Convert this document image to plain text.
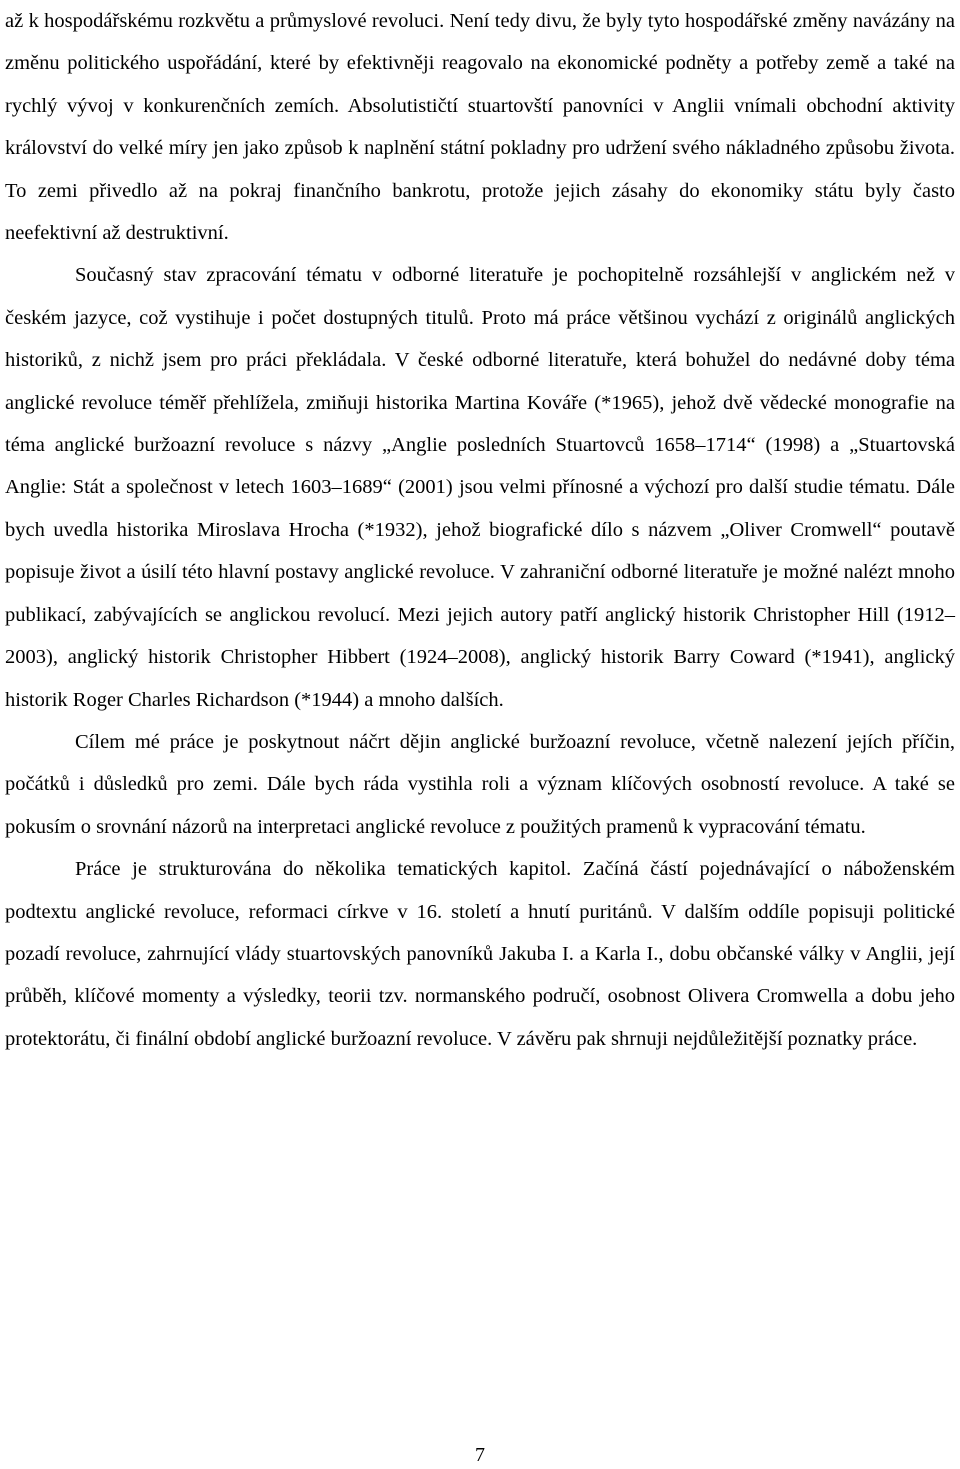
až k hospodářskému rozkvětu a průmyslové revoluci. Není tedy divu, že byly tyto hospodářské změny navázány na změnu politického uspořádání, které by efektivněji reagovalo na ekonomické podněty a potřeby země a také na rychlý vývoj v konkurenčních zemích. Absolutističtí stuartovští panovníci v Anglii vnímali obchodní aktivity království do velké míry jen jako způsob k naplnění státní pokladny pro udržení svého nákladného způsobu života. To zemi přivedlo až na pokraj finančního bankrotu, protože jejich zásahy do ekonomiky státu byly často neefektivní až destruktivní.

Současný stav zpracování tématu v odborné literatuře je pochopitelně rozsáhlejší v anglickém než v českém jazyce, což vystihuje i počet dostupných titulů. Proto má práce většinou vychází z originálů anglických historiků, z nichž jsem pro práci překládala. V české odborné literatuře, která bohužel do nedávné doby téma anglické revoluce téměř přehlížela, zmiňuji historika Martina Kováře (*1965), jehož dvě vědecké monografie na téma anglické buržoazní revoluce s názvy „Anglie posledních Stuartovců 1658–1714“ (1998) a „Stuartovská Anglie: Stát a společnost v letech 1603–1689“ (2001) jsou velmi přínosné a výchozí pro další studie tématu. Dále bych uvedla historika Miroslava Hrocha (*1932), jehož biografické dílo s názvem „Oliver Cromwell“ poutavě popisuje život a úsilí této hlavní postavy anglické revoluce. V zahraniční odborné literatuře je možné nalézt mnoho publikací, zabývajících se anglickou revolucí. Mezi jejich autory patří anglický historik Christopher Hill (1912–2003), anglický historik Christopher Hibbert (1924–2008), anglický historik Barry Coward (*1941), anglický historik Roger Charles Richardson (*1944) a mnoho dalších.

Cílem mé práce je poskytnout náčrt dějin anglické buržoazní revoluce, včetně nalezení jejích příčin, počátků i důsledků pro zemi. Dále bych ráda vystihla roli a význam klíčových osobností revoluce. A také se pokusím o srovnání názorů na interpretaci anglické revoluce z použitých pramenů k vypracování tématu.

Práce je strukturována do několika tematických kapitol. Začíná částí pojednávající o náboženském podtextu anglické revoluce, reformaci církve v 16. století a hnutí puritánů. V dalším oddíle popisuji politické pozadí revoluce, zahrnující vlády stuartovských panovníků Jakuba I. a Karla I., dobu občanské války v Anglii, její průběh, klíčové momenty a výsledky, teorii tzv. normanského područí, osobnost Olivera Cromwella a dobu jeho protektorátu, či finální období anglické buržoazní revoluce. V závěru pak shrnuji nejdůležitější poznatky práce.

7
